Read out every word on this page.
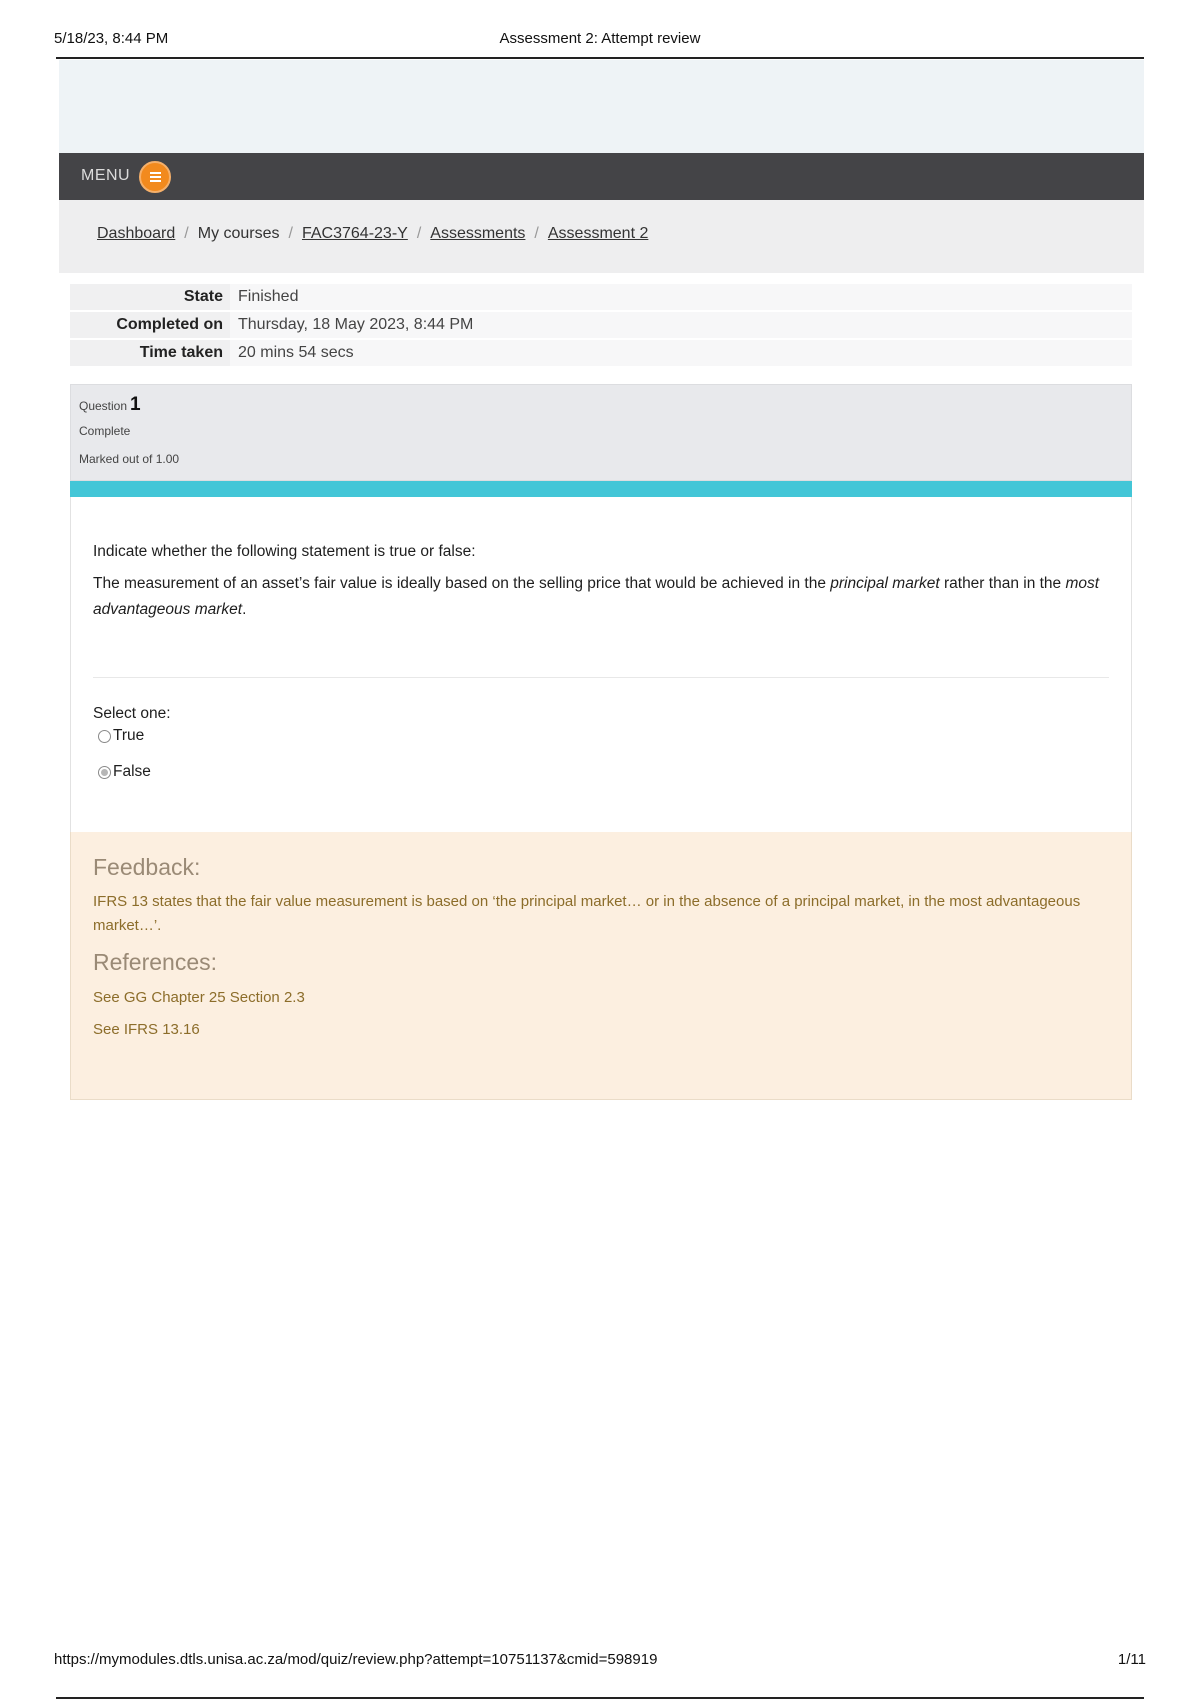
5/18/23, 8:44 PM	Assessment 2: Attempt review
MENU
Dashboard / My courses / FAC3764-23-Y / Assessments / Assessment 2
State Finished
Completed on Thursday, 18 May 2023, 8:44 PM
Time taken 20 mins 54 secs
Question 1
Complete
Marked out of 1.00

Indicate whether the following statement is true or false:

The measurement of an asset’s fair value is ideally based on the selling price that would be achieved in the principal market rather than in the most advantageous market.

Select one:
True
False
Feedback:
IFRS 13 states that the fair value measurement is based on ‘the principal market… or in the absence of a principal market, in the most advantageous market…’.
References:
See GG Chapter 25 Section 2.3
See IFRS 13.16
https://mymodules.dtls.unisa.ac.za/mod/quiz/review.php?attempt=10751137&cmid=598919	1/11
